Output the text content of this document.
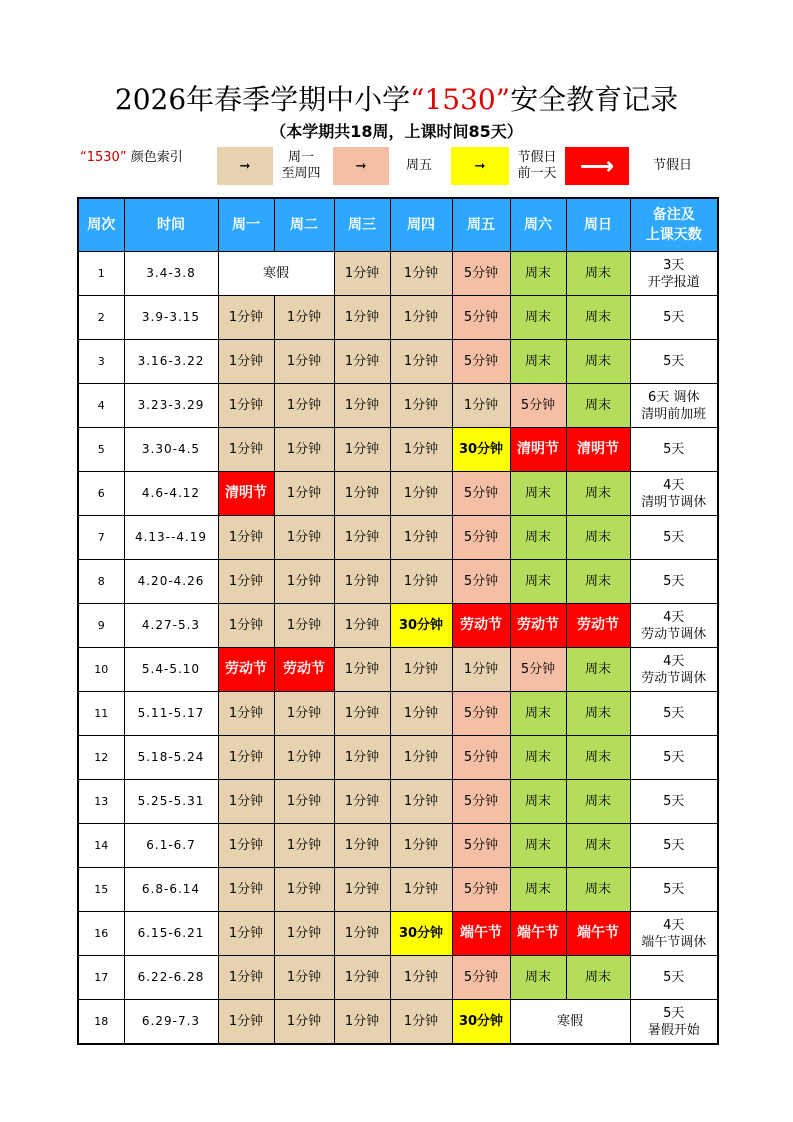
2026年春季学期中小学“1530”安全教育记录
（本学期共18周，上课时间85天）
“1530” 颜色索引
➞
周一
至周四	➞	周五	➞
节假日
前一天 ⟶	节假日
周次	时间	周一	周二	周三	周四	周五	周六	周日	备注及
上课天数
1	3.4-3.8	寒假		1分钟	1分钟	5分钟	周末	周末	3天
开学报道
2	3.9-3.15	1分钟	1分钟	1分钟	1分钟	5分钟	周末	周末	5天
3	3.16-3.22	1分钟	1分钟	1分钟	1分钟	5分钟	周末	周末	5天
4	3.23-3.29	1分钟	1分钟	1分钟	1分钟	1分钟	5分钟	周末	6天 调休
清明前加班
5	3.30-4.5	1分钟	1分钟	1分钟	1分钟	30分钟	清明节	清明节	5天
6	4.6-4.12	清明节	1分钟	1分钟	1分钟	5分钟	周末	周末	4天
清明节调休
7	4.13--4.19	1分钟	1分钟	1分钟	1分钟	5分钟	周末	周末	5天
8	4.20-4.26	1分钟	1分钟	1分钟	1分钟	5分钟	周末	周末	5天
9	4.27-5.3	1分钟	1分钟	1分钟	30分钟	劳动节	劳动节	劳动节	4天
劳动节调休
10	5.4-5.10	劳动节	劳动节	1分钟	1分钟	1分钟	5分钟	周末	4天
劳动节调休
11	5.11-5.17	1分钟	1分钟	1分钟	1分钟	5分钟	周末	周末	5天
12	5.18-5.24	1分钟	1分钟	1分钟	1分钟	5分钟	周末	周末	5天
13	5.25-5.31	1分钟	1分钟	1分钟	1分钟	5分钟	周末	周末	5天
14	6.1-6.7	1分钟	1分钟	1分钟	1分钟	5分钟	周末	周末	5天
15	6.8-6.14	1分钟	1分钟	1分钟	1分钟	5分钟	周末	周末	5天
16	6.15-6.21	1分钟	1分钟	1分钟	30分钟	端午节	端午节	端午节	4天
端午节调休
17	6.22-6.28	1分钟	1分钟	1分钟	1分钟	5分钟	周末	周末	5天
18	6.29-7.3	1分钟	1分钟	1分钟	1分钟	30分钟	寒假		5天
暑假开始
